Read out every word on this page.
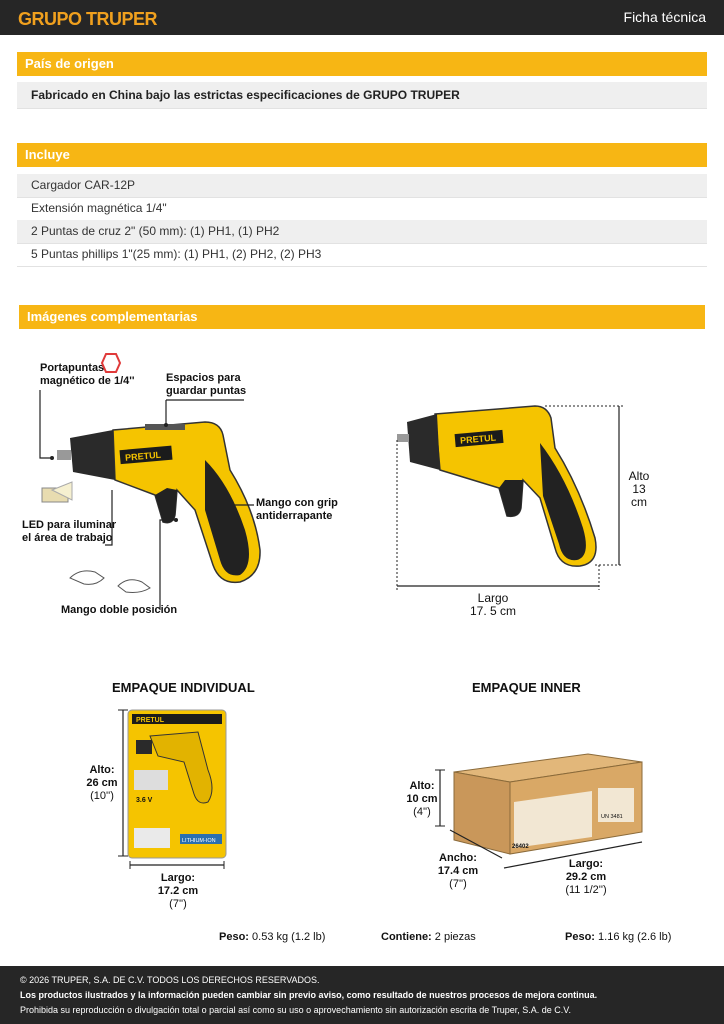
GRUPO TRUPER	Ficha técnica
País de origen
Fabricado en China bajo las estrictas especificaciones de GRUPO TRUPER
Incluye
Cargador CAR-12P
Extensión magnética 1/4"
2 Puntas de cruz 2" (50 mm): (1) PH1, (1) PH2
5 Puntas phillips 1"(25 mm): (1) PH1, (2) PH2, (2) PH3
Imágenes complementarias
PRETUL
Portapuntas
magnético de 1/4''	Espacios para
guardar puntas
Mango con grip
antiderrapante
LED para iluminar
el área de trabajo
Mango doble posición
PRETUL
Alto
13 cm
Largo
17. 5 cm
EMPAQUE INDIVIDUAL	EMPAQUE INNER
PRETUL
3.6 V
LITHIUM-ION
Alto:
26 cm
(10'')
Largo:
17.2 cm
(7'')
UN 3481
26402
Alto:
10 cm
(4'')
Ancho:
17.4 cm
(7'')
Largo:
29.2 cm
(11 1/2'')
Peso: 0.53 kg (1.2 lb)	Contiene: 2 piezas	Peso: 1.16 kg (2.6 lb)
© 2026 TRUPER, S.A. DE C.V. TODOS LOS DERECHOS RESERVADOS.
Los productos ilustrados y la información pueden cambiar sin previo aviso, como resultado de nuestros procesos de mejora continua.
Prohibida su reproducción o divulgación total o parcial así como su uso o aprovechamiento sin autorización escrita de Truper, S.A. de C.V.
